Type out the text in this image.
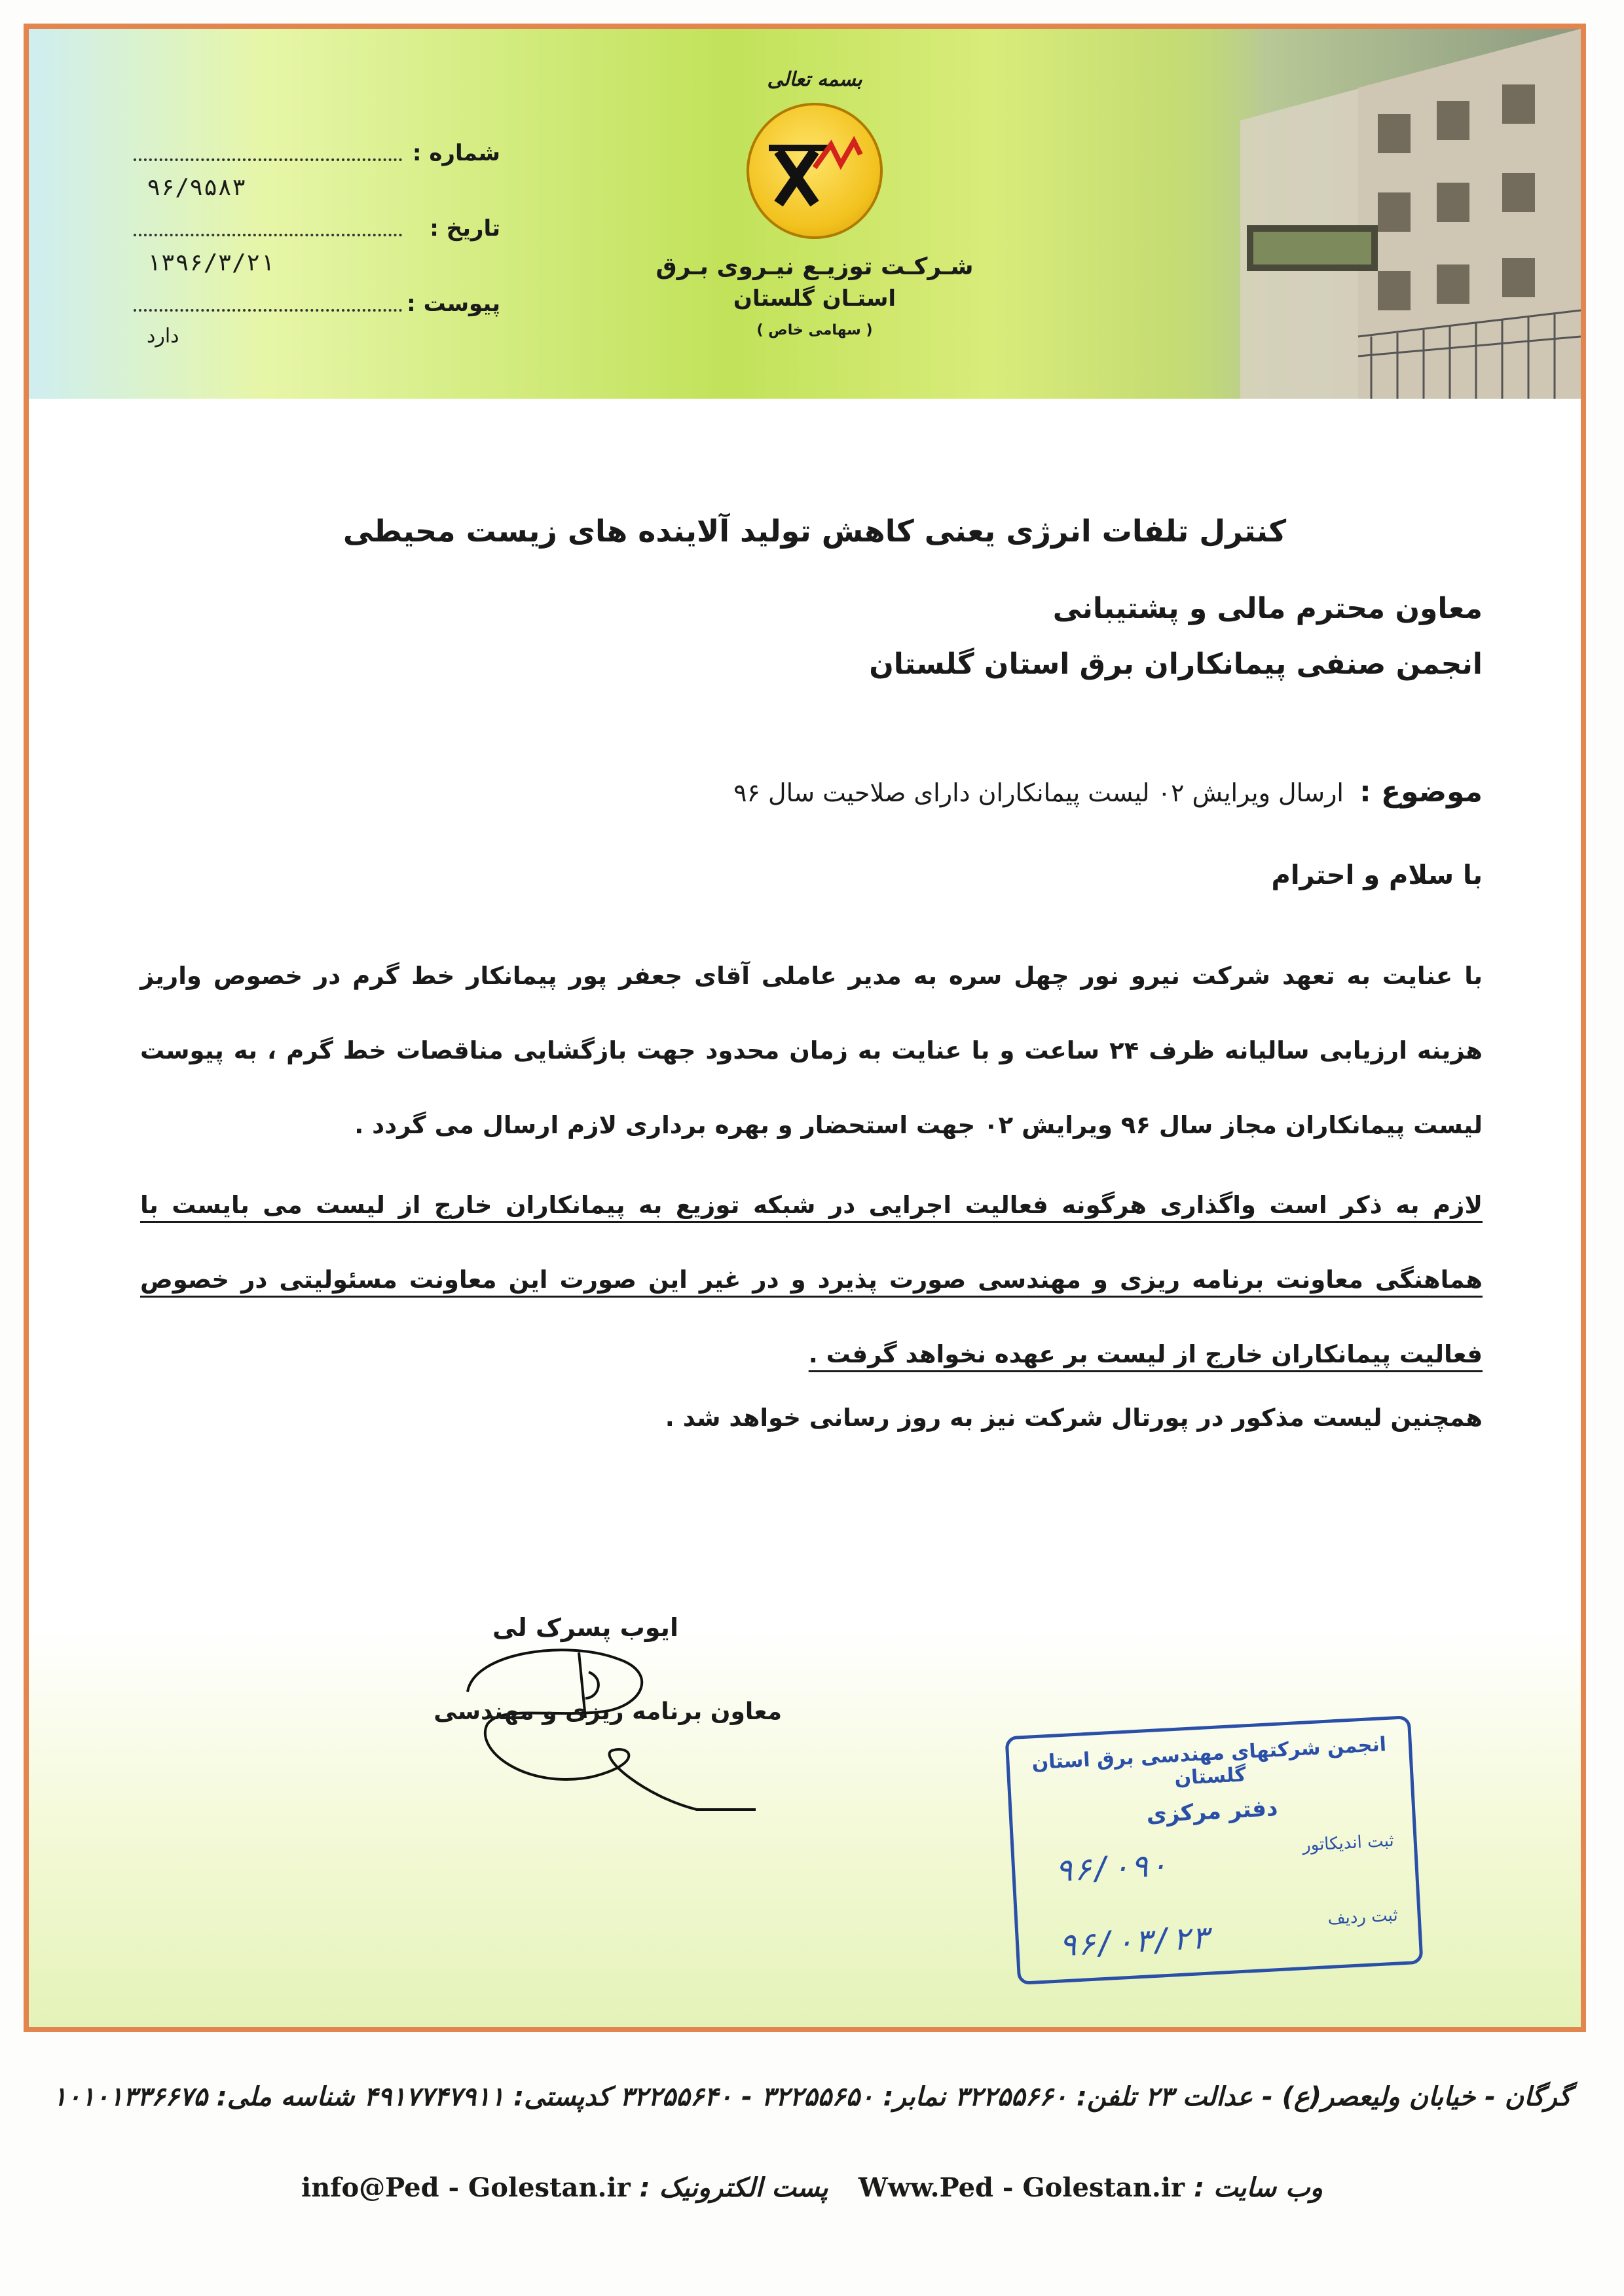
شماره :
۹۶/۹۵۸۳
تاریخ :
۱۳۹۶/۳/۲۱
پیوست :
دارد
بسمه تعالی
شـرکـت توزیـع نیـروی بـرق
استـان گلستان
( سهامی خاص )
کنترل تلفات انرژی یعنی کاهش تولید آلاینده های زیست محیطی
معاون محترم مالی و پشتیبانی
انجمن صنفی پیمانکاران برق استان گلستان
موضوع : ارسال ویرایش ۰۲ لیست پیمانکاران دارای صلاحیت سال ۹۶
با سلام و احترام
با عنایت به تعهد شرکت نیرو نور چهل سره به مدیر عاملی آقای جعفر پور پیمانکار خط گرم در خصوص واریز هزینه ارزیابی سالیانه ظرف ۲۴ ساعت و با عنایت به زمان محدود جهت بازگشایی مناقصات خط گرم ، به پیوست لیست پیمانکاران مجاز سال ۹۶ ویرایش ۰۲ جهت استحضار و بهره برداری لازم ارسال می گردد .
لازم به ذکر است واگذاری هرگونه فعالیت اجرایی در شبکه توزیع به پیمانکاران خارج از لیست می بایست با هماهنگی معاونت برنامه ریزی و مهندسی صورت پذیرد و در غیر این صورت این معاونت مسئولیتی در خصوص فعالیت پیمانکاران خارج از لیست بر عهده نخواهد گرفت .
همچنین لیست مذکور در پورتال شرکت نیز به روز رسانی خواهد شد .
ایوب پسرک لی
معاون برنامه ریزی و مهندسی
انجمن شرکتهای مهندسی برق استان گلستان
دفتر مرکزی
ثبت اندیکاتور
۹۶/۰۹۰
ثبت ردیف
۹۶/۰۳/۲۳
گرگان - خیابان ولیعصر(ع) - عدالت ۲۳ تلفن: ۳۲۲۵۵۶۶۰ نمابر: ۳۲۲۵۵۶۵۰ - ۳۲۲۵۵۶۴۰ کدپستی: ۴۹۱۷۷۴۷۹۱۱ شناسه ملی: ۱۰۱۰۱۳۳۶۶۷۵
وب سایت : Www.Ped - Golestan.ir
پست الکترونیک : info@Ped - Golestan.ir
